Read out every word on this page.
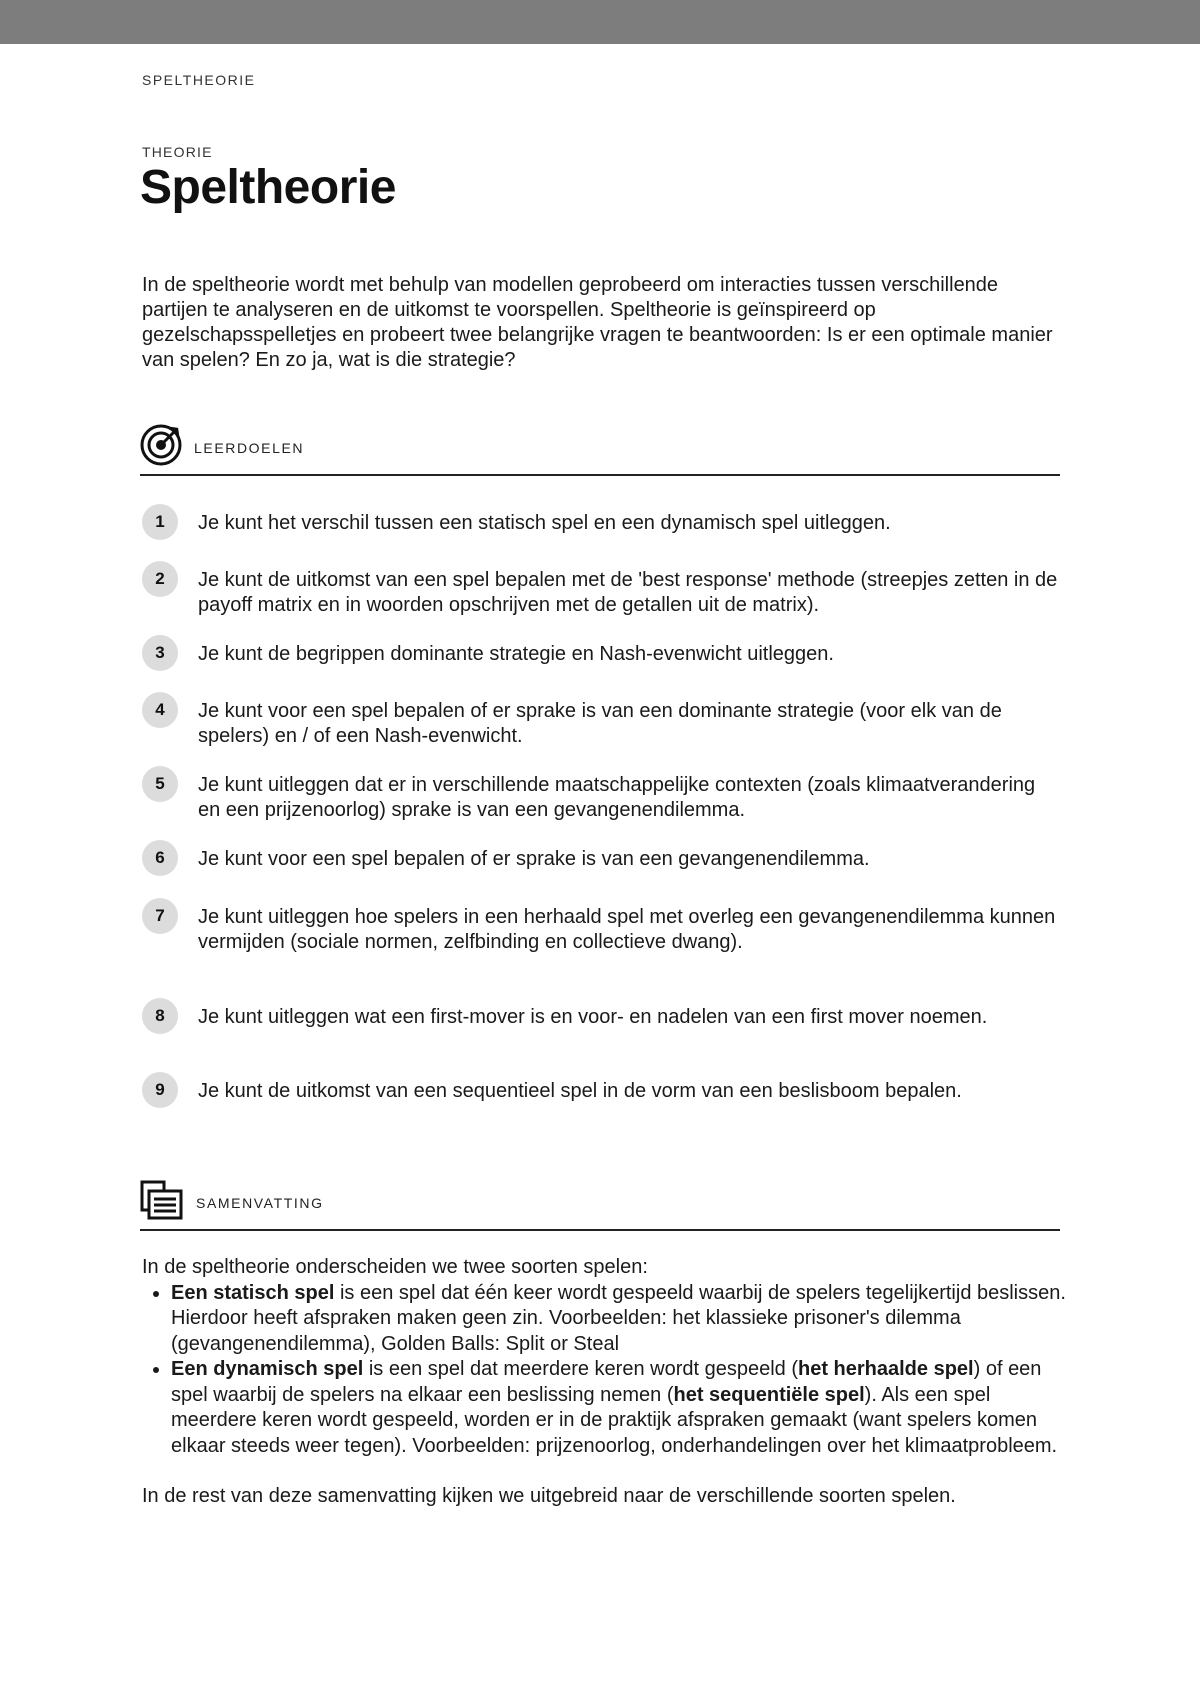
SPELTHEORIE
THEORIE
Speltheorie

In de speltheorie wordt met behulp van modellen geprobeerd om interacties tussen verschillende partijen te analyseren en de uitkomst te voorspellen. Speltheorie is geïnspireerd op gezelschapsspelletjes en probeert twee belangrijke vragen te beantwoorden: Is er een optimale manier van spelen? En zo ja, wat is die strategie?

LEERDOELEN
1	Je kunt het verschil tussen een statisch spel en een dynamisch spel uitleggen.
2	Je kunt de uitkomst van een spel bepalen met de 'best response' methode (streepjes zetten in de payoff matrix en in woorden opschrijven met de getallen uit de matrix).
3	Je kunt de begrippen dominante strategie en Nash-evenwicht uitleggen.
4	Je kunt voor een spel bepalen of er sprake is van een dominante strategie (voor elk van de spelers) en / of een Nash-evenwicht.
5	Je kunt uitleggen dat er in verschillende maatschappelijke contexten (zoals klimaatverandering en een prijzenoorlog) sprake is van een gevangenendilemma.
6	Je kunt voor een spel bepalen of er sprake is van een gevangenendilemma.
7	Je kunt uitleggen hoe spelers in een herhaald spel met overleg een gevangenendilemma kunnen vermijden (sociale normen, zelfbinding en collectieve dwang).
8	Je kunt uitleggen wat een first-mover is en voor- en nadelen van een first mover noemen.
9	Je kunt de uitkomst van een sequentieel spel in de vorm van een beslisboom bepalen.
SAMENVATTING

In de speltheorie onderscheiden we twee soorten spelen:

• Een statisch spel is een spel dat één keer wordt gespeeld waarbij de spelers tegelijkertijd beslissen. Hierdoor heeft afspraken maken geen zin. Voorbeelden: het klassieke prisoner's dilemma (gevangenendilemma), Golden Balls: Split or Steal
• Een dynamisch spel is een spel dat meerdere keren wordt gespeeld (het herhaalde spel) of een spel waarbij de spelers na elkaar een beslissing nemen (het sequentiële spel). Als een spel meerdere keren wordt gespeeld, worden er in de praktijk afspraken gemaakt (want spelers komen elkaar steeds weer tegen). Voorbeelden: prijzenoorlog, onderhandelingen over het klimaatprobleem.

In de rest van deze samenvatting kijken we uitgebreid naar de verschillende soorten spelen.
